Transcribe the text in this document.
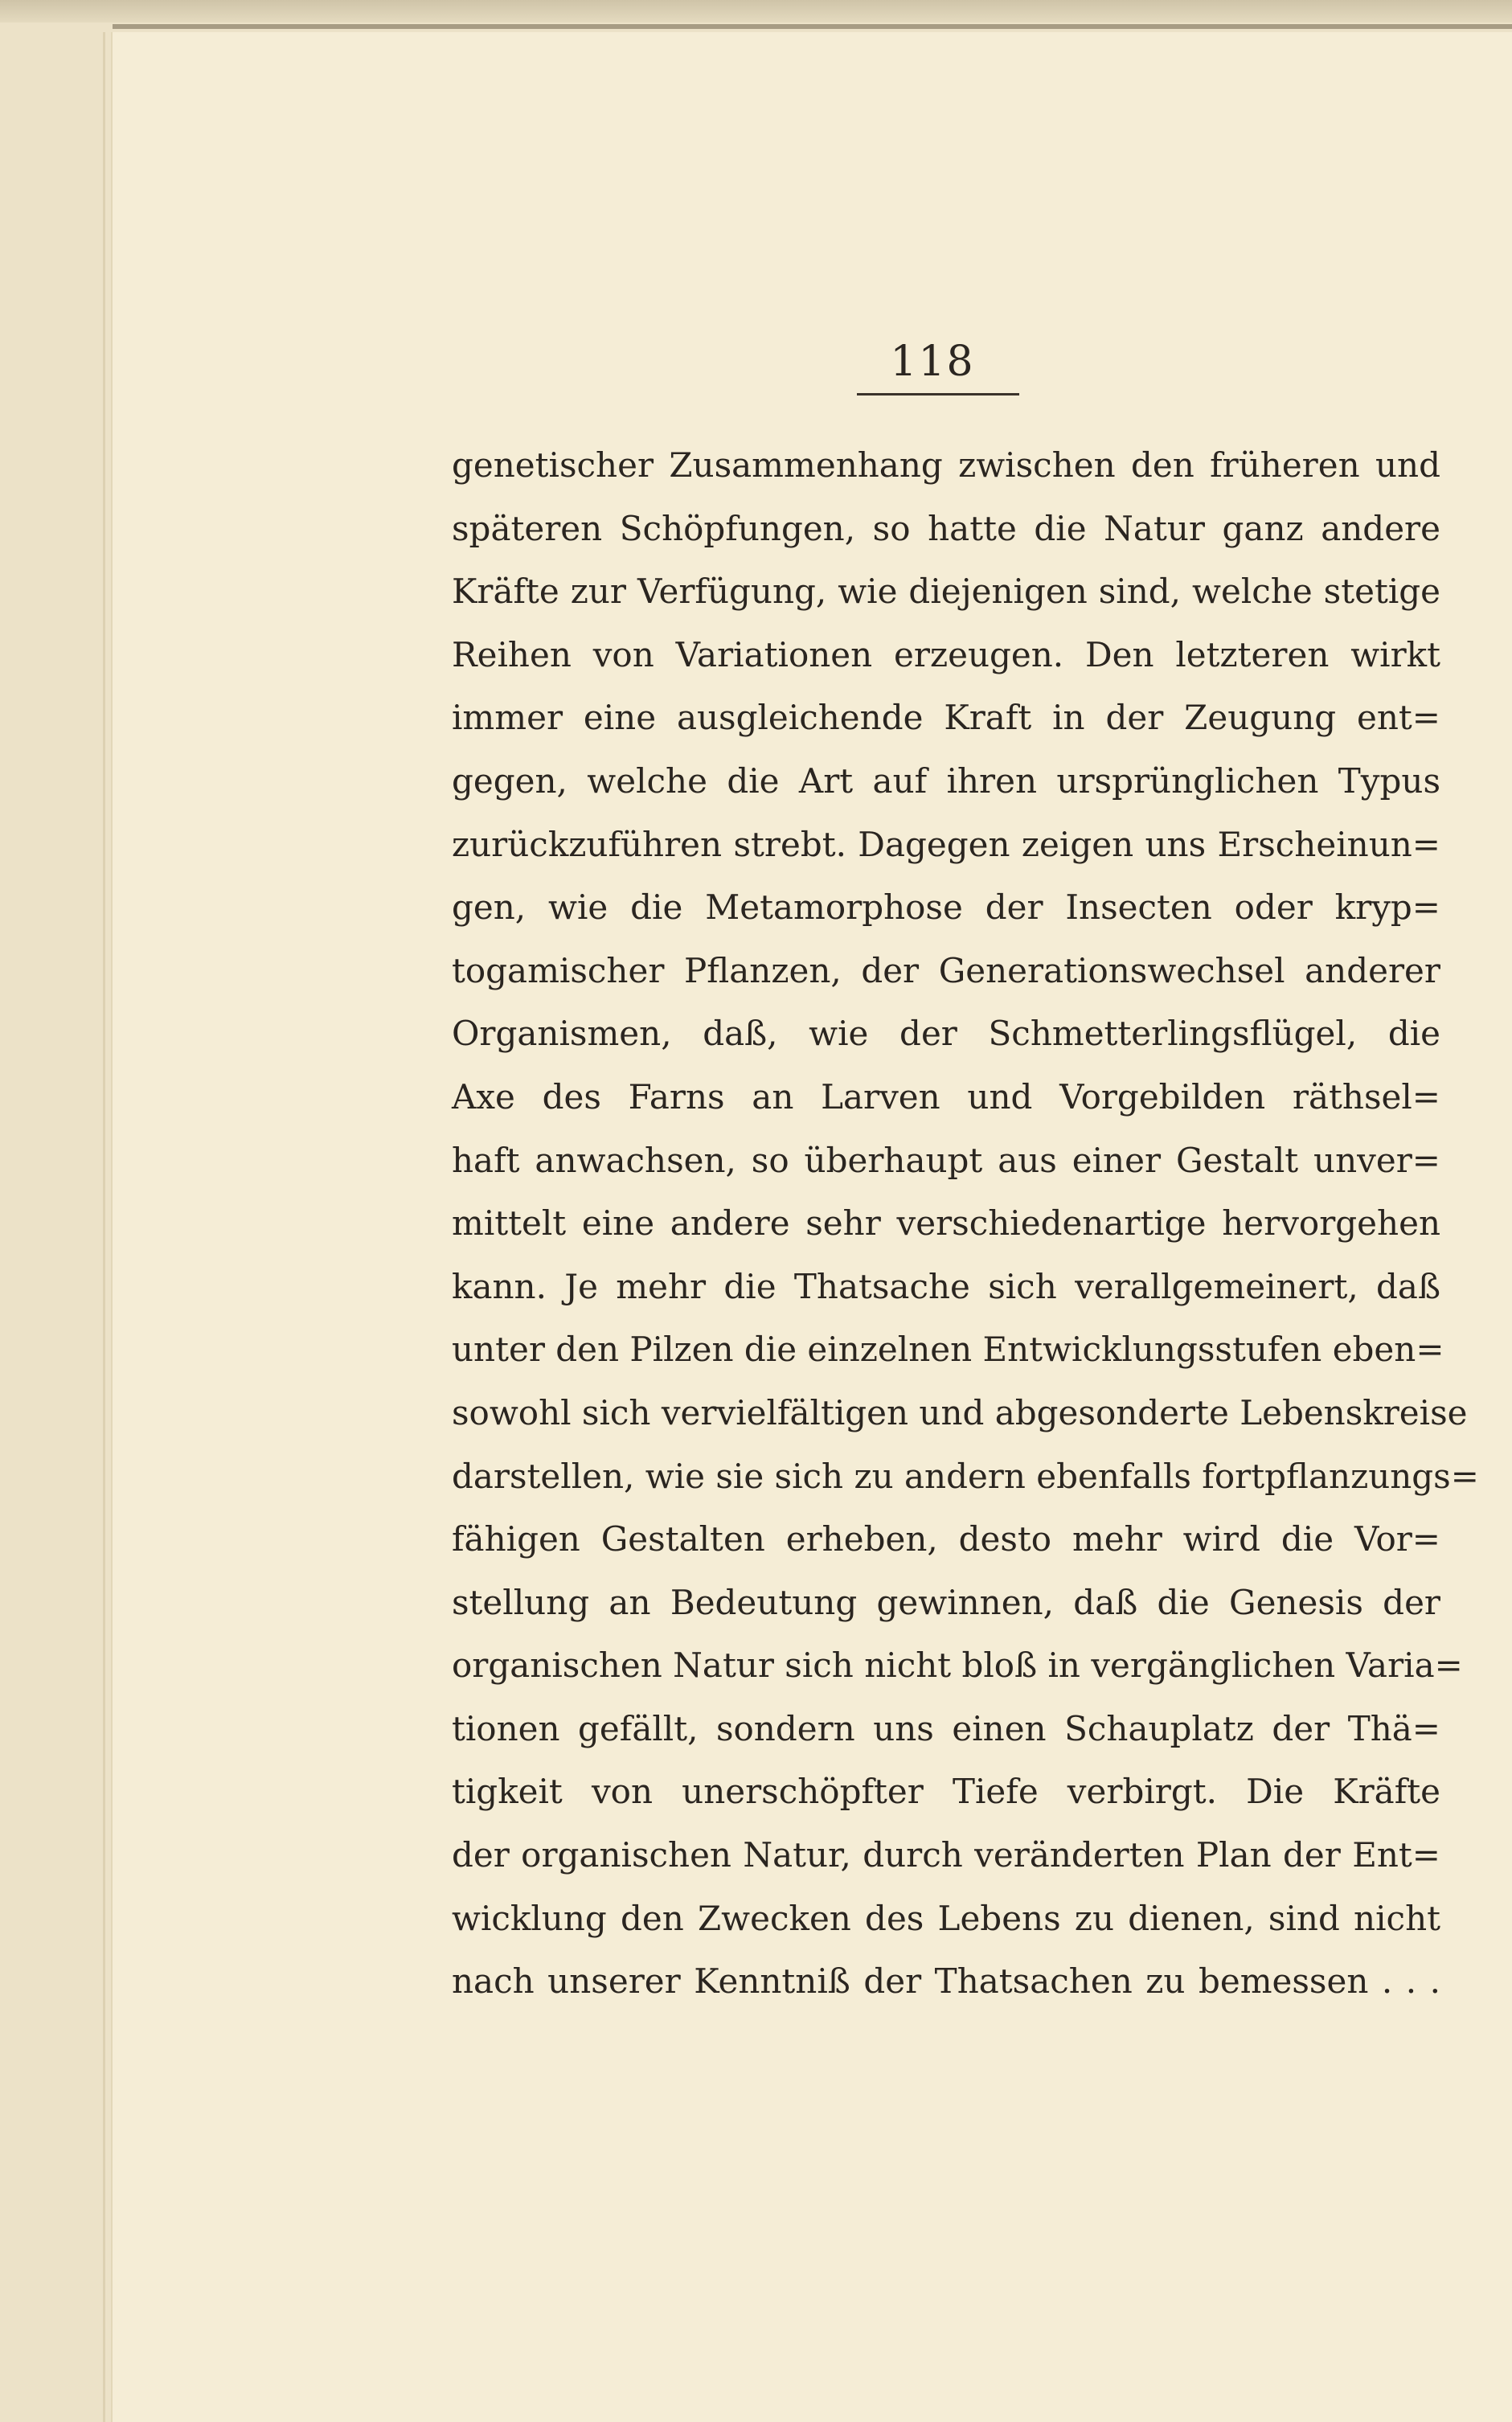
118
genetischer Zusammenhang zwischen den früheren und
späteren Schöpfungen, so hatte die Natur ganz andere
Kräfte zur Verfügung, wie diejenigen sind, welche stetige
Reihen von Variationen erzeugen. Den letzteren wirkt
immer eine ausgleichende Kraft in der Zeugung ent=
gegen, welche die Art auf ihren ursprünglichen Typus
zurückzuführen strebt. Dagegen zeigen uns Erscheinun=
gen, wie die Metamorphose der Insecten oder kryp=
togamischer Pflanzen, der Generationswechsel anderer
Organismen, daß, wie der Schmetterlingsflügel, die
Axe des Farns an Larven und Vorgebilden räthsel=
haft anwachsen, so überhaupt aus einer Gestalt unver=
mittelt eine andere sehr verschiedenartige hervorgehen
kann. Je mehr die Thatsache sich verallgemeinert, daß
unter den Pilzen die einzelnen Entwicklungsstufen eben=
sowohl sich vervielfältigen und abgesonderte Lebenskreise
darstellen, wie sie sich zu andern ebenfalls fortpflanzungs=
fähigen Gestalten erheben, desto mehr wird die Vor=
stellung an Bedeutung gewinnen, daß die Genesis der
organischen Natur sich nicht bloß in vergänglichen Varia=
tionen gefällt, sondern uns einen Schauplatz der Thä=
tigkeit von unerschöpfter Tiefe verbirgt. Die Kräfte
der organischen Natur, durch veränderten Plan der Ent=
wicklung den Zwecken des Lebens zu dienen, sind nicht
nach unserer Kenntniß der Thatsachen zu bemessen . . .
